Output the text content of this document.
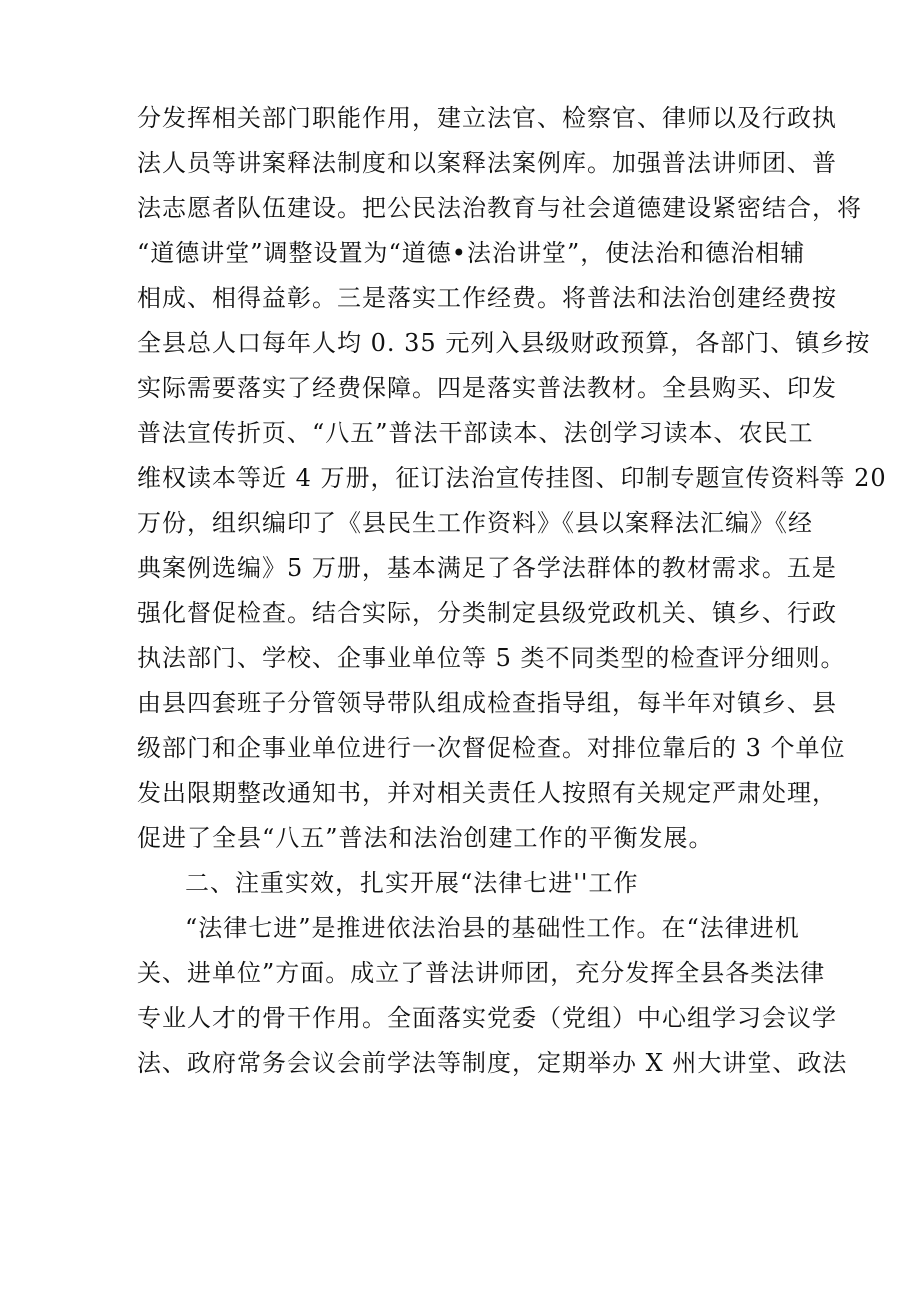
分发挥相关部门职能作用，建立法官、检察官、律师以及行政执
法人员等讲案释法制度和以案释法案例库。加强普法讲师团、普
法志愿者队伍建设。把公民法治教育与社会道德建设紧密结合，将
“道德讲堂”调整设置为“道德•法治讲堂”，使法治和德治相辅
相成、相得益彰。三是落实工作经费。将普法和法治创建经费按
全县总人口每年人均 0. 35 元列入县级财政预算，各部门、镇乡按
实际需要落实了经费保障。四是落实普法教材。全县购买、印发
普法宣传折页、“八五”普法干部读本、法创学习读本、农民工
维权读本等近 4 万册，征订法治宣传挂图、印制专题宣传资料等 20
万份，组织编印了《县民生工作资料》《县以案释法汇编》《经
典案例选编》5 万册，基本满足了各学法群体的教材需求。五是
强化督促检查。结合实际，分类制定县级党政机关、镇乡、行政
执法部门、学校、企事业单位等 5 类不同类型的检查评分细则。
由县四套班子分管领导带队组成检查指导组，每半年对镇乡、县
级部门和企事业单位进行一次督促检查。对排位靠后的 3 个单位
发出限期整改通知书，并对相关责任人按照有关规定严肃处理，
促进了全县“八五”普法和法治创建工作的平衡发展。
二、注重实效，扎实开展“法律七进''工作
“法律七进”是推进依法治县的基础性工作。在“法律进机
关、进单位”方面。成立了普法讲师团，充分发挥全县各类法律
专业人才的骨干作用。全面落实党委（党组）中心组学习会议学
法、政府常务会议会前学法等制度，定期举办 X 州大讲堂、政法
